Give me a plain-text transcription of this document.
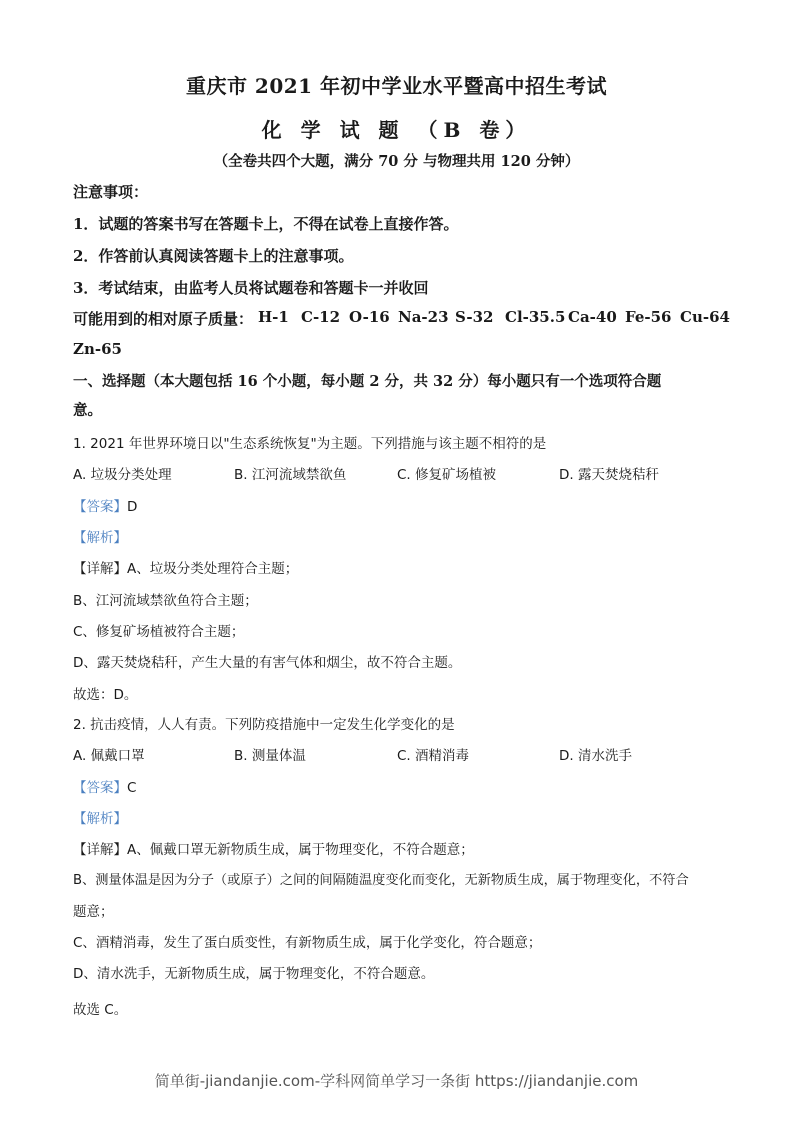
重庆市 2021 年初中学业水平暨高中招生考试
化 学 试 题 （B 卷）
（全卷共四个大题，满分 70 分 与物理共用 120 分钟）
注意事项：
1．试题的答案书写在答题卡上，不得在试卷上直接作答。
2．作答前认真阅读答题卡上的注意事项。
3．考试结束，由监考人员将试题卷和答题卡一并收回
可能用到的相对原子质量： H-1 C-12 O-16 Na-23 S-32 Cl-35.5 Ca-40 Fe-56 Cu-64
Zn-65
一、选择题（本大题包括 16 个小题，每小题 2 分，共 32 分）每小题只有一个选项符合题
意。
1. 2021 年世界环境日以"生态系统恢复"为主题。下列措施与该主题不相符的是
A. 垃圾分类处理	B. 江河流域禁欲鱼	C. 修复矿场植被	D. 露天焚烧秸秆
【答案】D
【解析】
【详解】A、垃圾分类处理符合主题；
B、江河流域禁欲鱼符合主题；
C、修复矿场植被符合主题；
D、露天焚烧秸秆，产生大量的有害气体和烟尘，故不符合主题。
故选：D。
2. 抗击疫情，人人有责。下列防疫措施中一定发生化学变化的是
A. 佩戴口罩	B. 测量体温	C. 酒精消毒	D. 清水洗手
【答案】C
【解析】
【详解】A、佩戴口罩无新物质生成，属于物理变化，不符合题意；
B、测量体温是因为分子（或原子）之间的间隔随温度变化而变化，无新物质生成，属于物理变化，不符合
题意；
C、酒精消毒，发生了蛋白质变性，有新物质生成，属于化学变化，符合题意；
D、清水洗手，无新物质生成，属于物理变化，不符合题意。
故选 C。
简单街-jiandanjie.com-学科网简单学习一条街 https://jiandanjie.com
